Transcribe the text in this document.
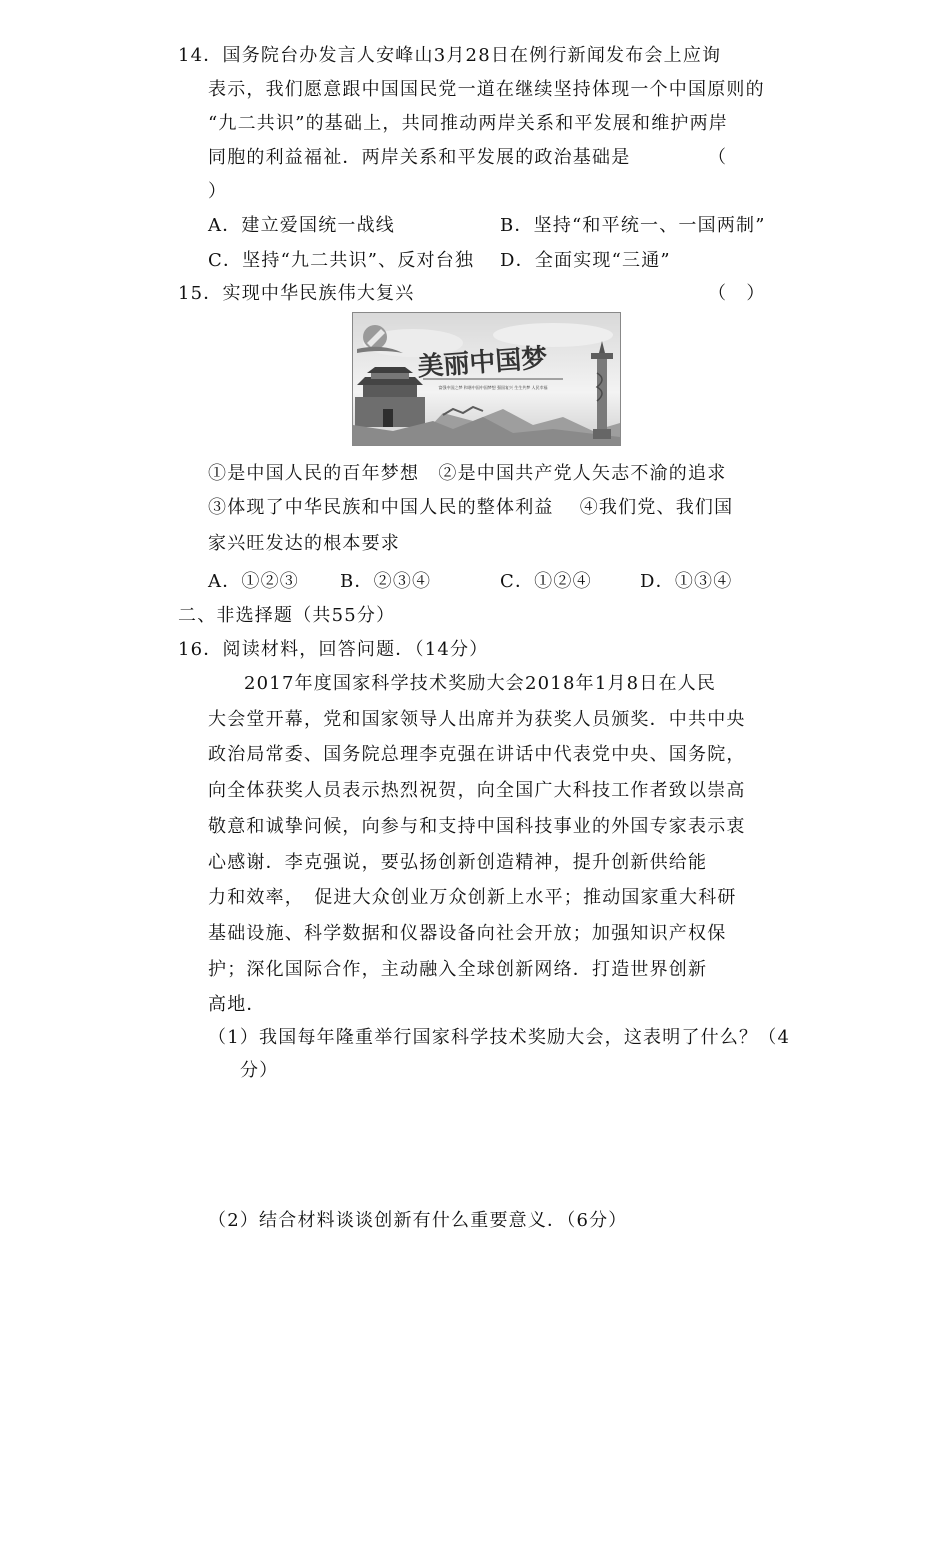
14．国务院台办发言人安峰山3月28日在例行新闻发布会上应询
表示，我们愿意跟中国国民党一道在继续坚持体现一个中国原则的
“九二共识”的基础上，共同推动两岸关系和平发展和维护两岸
同胞的利益福祉．两岸关系和平发展的政治基础是	（
）
A．建立爱国统一战线	B．坚持“和平统一、一国两制”
C．坚持“九二共识”、反对台独 D．全面实现“三通”
15．实现中华民族伟大复兴	（　）
美丽中国梦
富强中国之梦 和谐中国中国梦想 强国复兴 生生共梦 人民幸福
①是中国人民的百年梦想　②是中国共产党人矢志不渝的追求
③体现了中华民族和中国人民的整体利益　 ④我们党、我们国
家兴旺发达的根本要求
A．①②③ B．②③④	C．①②④	D．①③④
二、非选择题（共55分）
16．阅读材料，回答问题．（14分）
2017年度国家科学技术奖励大会2018年1月8日在人民
大会堂开幕，党和国家领导人出席并为获奖人员颁奖．中共中央
政治局常委、国务院总理李克强在讲话中代表党中央、国务院，
向全体获奖人员表示热烈祝贺，向全国广大科技工作者致以崇高
敬意和诚挚问候，向参与和支持中国科技事业的外国专家表示衷
心感谢．李克强说，要弘扬创新创造精神，提升创新供给能
力和效率，　促进大众创业万众创新上水平；推动国家重大科研
基础设施、科学数据和仪器设备向社会开放；加强知识产权保
护；深化国际合作，主动融入全球创新网络．打造世界创新
高地．
（1）我国每年隆重举行国家科学技术奖励大会，这表明了什么？（4
分）
（2）结合材料谈谈创新有什么重要意义．（6分）
